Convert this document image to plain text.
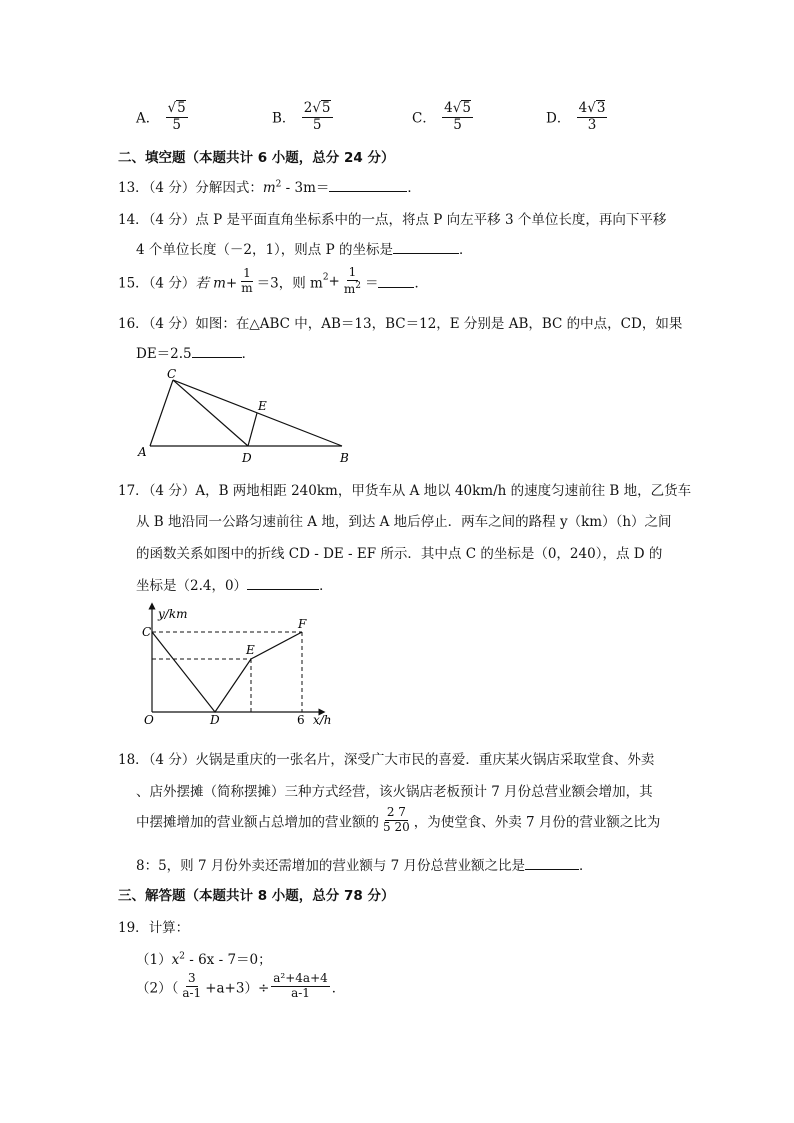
A． $\frac{√5}{5}$	B． $\frac{2√5}{5}$	C． $\frac{4√5}{5}$	D． $\frac{4√3}{3}$
二、填空题（本题共计 6 小题，总分 24 分）
13．（4 分）分解因式：$m^2 - 3m=$	．
14．（4 分）点 P 是平面直角坐标系中的一点，将点 P 向左平移 3 个单位长度，再向下平移
4 个单位长度（－2，1），则点 P 的坐标是	．
15．（4 分）若 $m+ \frac{1}{m} =3$，则 $m^2+ \frac{1}{m^2}$ ＝	．
16．（4 分）如图：在△ABC 中，AB＝13，BC＝12，E 分别是 AB，BC 的中点，CD，如果
DE＝2.5	．
C
E
A	D	B
17．（4 分）A，B 两地相距 240km，甲货车从 A 地以 40km/h 的速度匀速前往 B 地，乙货车
从 B 地沿同一公路匀速前往 A 地，到达 A 地后停止．两车之间的路程 y（km）（h）之间
的函数关系如图中的折线 CD - DE - EF 所示．其中点 C 的坐标是（0，240），点 D 的
坐标是（2.4，0）	．
y/km
x/h
O
C
D
E
F
6
18．（4 分）火锅是重庆的一张名片，深受广大市民的喜爱．重庆某火锅店采取堂食、外卖
、店外摆摊（简称摆摊）三种方式经营，该火锅店老板预计 7 月份总营业额会增加，其
中摆摊增加的营业额占总增加的营业额的 $\frac{2 7}{5 20}$ ，为使堂食、外卖 7 月份的营业额之比为
8：5，则 7 月份外卖还需增加的营业额与 7 月份总营业额之比是	．
三、解答题（本题共计 8 小题，总分 78 分）
19．计算：
$(1)x^2 - 6x - 7=0$；
$(2)( \frac{3}{a-1} +a+3)\div \frac{\text{a²+4a+4}}{a-1}$ ．
